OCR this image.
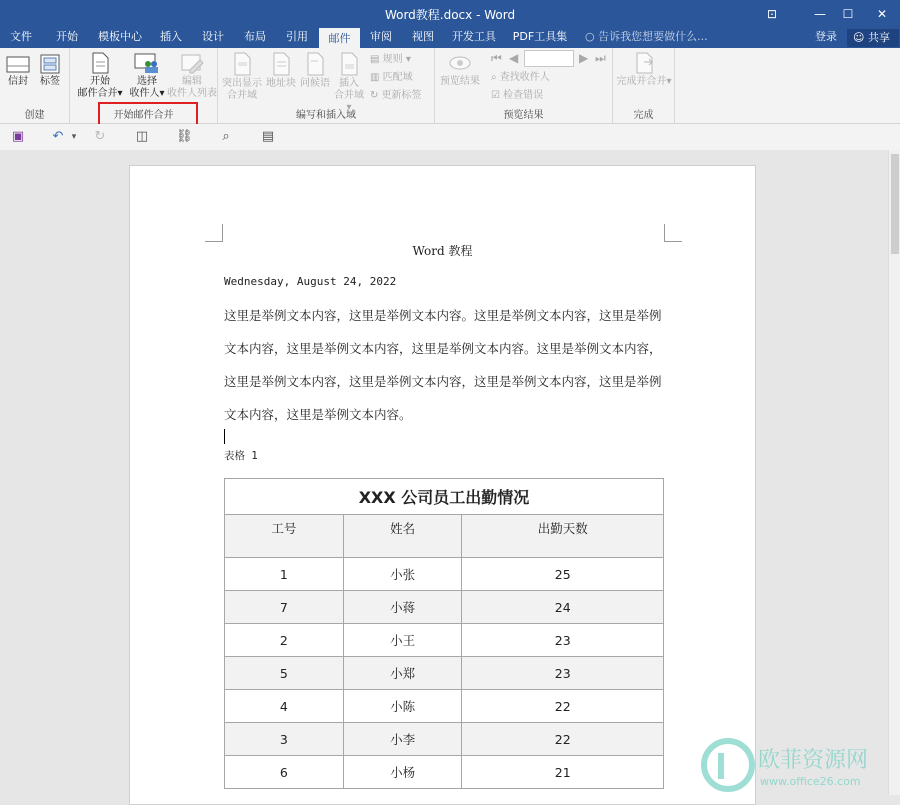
Word教程.docx - Word	⊡	—	☐	✕
文件	开始	模板中心	插入	设计	布局	引用	邮件	审阅	视图	开发工具	PDF工具集	○ 告诉我您想要做什么...	登录	☺ 共享
信封	标签
创建
开始
邮件合并▾
选择
收件人▾
编辑
收件人列表
开始邮件合并
突出显示
合并域
地址块 问候语 插入
合并域▾
▤ 规则 ▾
▥ 匹配域
↻ 更新标签
编写和插入域
预览结果
⏮ ◀	▶ ⏭
⌕ 查找收件人
☑ 检查错误
预览结果
完成并合并▾
完成
▣ ↶ ▾	↻ ◫ ⛓	⌕	▤
Word 教程
Wednesday, August 24, 2022
这里是举例文本内容，这里是举例文本内容。这里是举例文本内容，这里是举例
文本内容，这里是举例文本内容，这里是举例文本内容。这里是举例文本内容，
这里是举例文本内容，这里是举例文本内容，这里是举例文本内容，这里是举例
文本内容，这里是举例文本内容。
表格 1
XXX 公司员工出勤情况		
工号	姓名	出勤天数
1	小张	25
7	小蒋	24
2	小王	23
5	小郑	23
4	小陈	22
3	小李	22
6	小杨	21	欧菲资源网
www.office26.com
